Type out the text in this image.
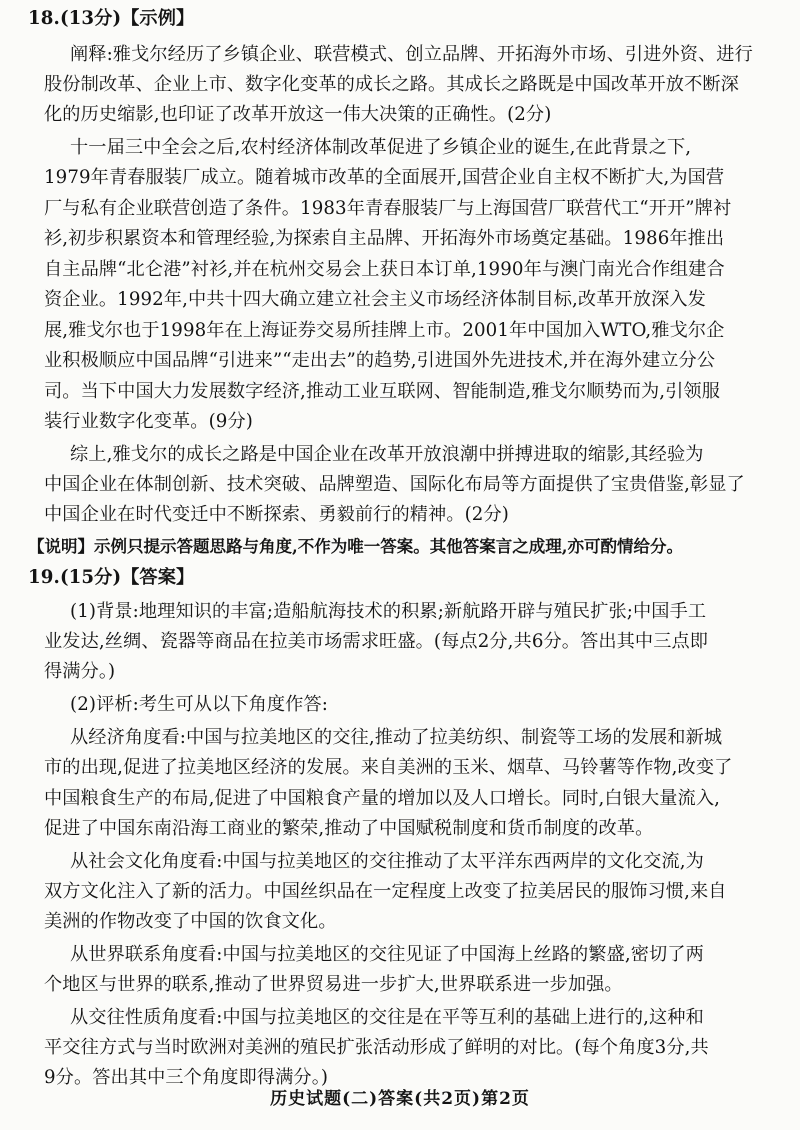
18.(13分)【示例】
阐释:雅戈尔经历了乡镇企业、联营模式、创立品牌、开拓海外市场、引进外资、进行
股份制改革、企业上市、数字化变革的成长之路。其成长之路既是中国改革开放不断深
化的历史缩影,也印证了改革开放这一伟大决策的正确性。(2分)
十一届三中全会之后,农村经济体制改革促进了乡镇企业的诞生,在此背景之下,
1979年青春服装厂成立。随着城市改革的全面展开,国营企业自主权不断扩大,为国营
厂与私有企业联营创造了条件。1983年青春服装厂与上海国营厂联营代工“开开”牌衬
衫,初步积累资本和管理经验,为探索自主品牌、开拓海外市场奠定基础。1986年推出
自主品牌“北仑港”衬衫,并在杭州交易会上获日本订单,1990年与澳门南光合作组建合
资企业。1992年,中共十四大确立建立社会主义市场经济体制目标,改革开放深入发
展,雅戈尔也于1998年在上海证券交易所挂牌上市。2001年中国加入WTO,雅戈尔企
业积极顺应中国品牌“引进来”“走出去”的趋势,引进国外先进技术,并在海外建立分公
司。当下中国大力发展数字经济,推动工业互联网、智能制造,雅戈尔顺势而为,引领服
装行业数字化变革。(9分)
综上,雅戈尔的成长之路是中国企业在改革开放浪潮中拼搏进取的缩影,其经验为
中国企业在体制创新、技术突破、品牌塑造、国际化布局等方面提供了宝贵借鉴,彰显了
中国企业在时代变迁中不断探索、勇毅前行的精神。(2分)
【说明】示例只提示答题思路与角度,不作为唯一答案。其他答案言之成理,亦可酌情给分。
19.(15分)【答案】
(1)背景:地理知识的丰富;造船航海技术的积累;新航路开辟与殖民扩张;中国手工
业发达,丝绸、瓷器等商品在拉美市场需求旺盛。(每点2分,共6分。答出其中三点即
得满分。)
(2)评析:考生可从以下角度作答:
从经济角度看:中国与拉美地区的交往,推动了拉美纺织、制瓷等工场的发展和新城
市的出现,促进了拉美地区经济的发展。来自美洲的玉米、烟草、马铃薯等作物,改变了
中国粮食生产的布局,促进了中国粮食产量的增加以及人口增长。同时,白银大量流入,
促进了中国东南沿海工商业的繁荣,推动了中国赋税制度和货币制度的改革。
从社会文化角度看:中国与拉美地区的交往推动了太平洋东西两岸的文化交流,为
双方文化注入了新的活力。中国丝织品在一定程度上改变了拉美居民的服饰习惯,来自
美洲的作物改变了中国的饮食文化。
从世界联系角度看:中国与拉美地区的交往见证了中国海上丝路的繁盛,密切了两
个地区与世界的联系,推动了世界贸易进一步扩大,世界联系进一步加强。
从交往性质角度看:中国与拉美地区的交往是在平等互利的基础上进行的,这种和
平交往方式与当时欧洲对美洲的殖民扩张活动形成了鲜明的对比。(每个角度3分,共
9分。答出其中三个角度即得满分。)
历史试题(二)答案(共2页)第2页
